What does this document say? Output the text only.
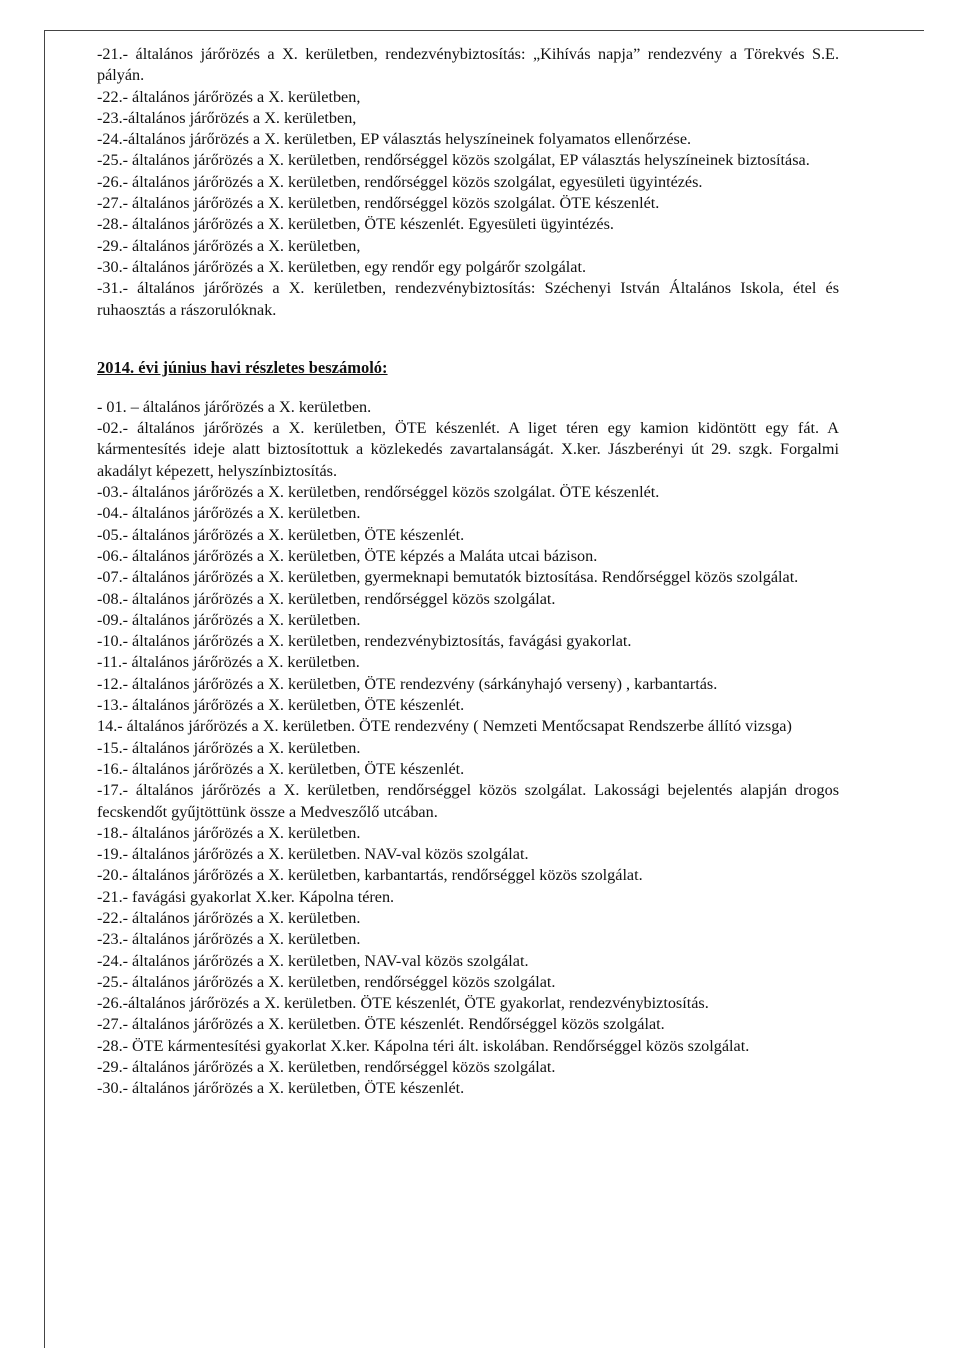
-21.- általános járőrözés a X. kerületben, rendezvénybiztosítás: „Kihívás napja” rendezvény a Törekvés S.E. pályán.

-22.- általános járőrözés a X. kerületben,

-23.-általános járőrözés a X. kerületben,

-24.-általános járőrözés a X. kerületben, EP választás helyszíneinek folyamatos ellenőrzése.

-25.- általános járőrözés a X. kerületben, rendőrséggel közös szolgálat, EP választás helyszíneinek biztosítása.

-26.- általános járőrözés a X. kerületben, rendőrséggel közös szolgálat, egyesületi ügyintézés.

-27.- általános járőrözés a X. kerületben, rendőrséggel közös szolgálat. ÖTE készenlét.

-28.- általános járőrözés a X. kerületben, ÖTE készenlét. Egyesületi ügyintézés.

-29.- általános járőrözés a X. kerületben,

-30.- általános járőrözés a X. kerületben, egy rendőr egy polgárőr szolgálat.

-31.- általános járőrözés a X. kerületben, rendezvénybiztosítás: Széchenyi István Általános Iskola, étel és ruhaosztás a rászorulóknak.

2014. évi június havi részletes beszámoló:

- 01. – általános járőrözés a X. kerületben.

-02.- általános járőrözés a X. kerületben, ÖTE készenlét. A liget téren egy kamion kidöntött egy fát. A kármentesítés ideje alatt biztosítottuk a közlekedés zavartalanságát. X.ker. Jászberényi út 29. szgk. Forgalmi akadályt képezett, helyszínbiztosítás.

-03.- általános járőrözés a X. kerületben, rendőrséggel közös szolgálat. ÖTE készenlét.

-04.- általános járőrözés a X. kerületben.

-05.- általános járőrözés a X. kerületben, ÖTE készenlét.

-06.- általános járőrözés a X. kerületben, ÖTE képzés a Maláta utcai bázison.

-07.- általános járőrözés a X. kerületben, gyermeknapi bemutatók biztosítása. Rendőrséggel közös szolgálat.

-08.- általános járőrözés a X. kerületben, rendőrséggel közös szolgálat.

-09.- általános járőrözés a X. kerületben.

-10.- általános járőrözés a X. kerületben, rendezvénybiztosítás, favágási gyakorlat.

-11.- általános járőrözés a X. kerületben.

-12.- általános járőrözés a X. kerületben, ÖTE rendezvény (sárkányhajó verseny) , karbantartás.

-13.- általános járőrözés a X. kerületben, ÖTE készenlét.

14.- általános járőrözés a X. kerületben. ÖTE rendezvény ( Nemzeti Mentőcsapat Rendszerbe állító vizsga)

-15.- általános járőrözés a X. kerületben.

-16.- általános járőrözés a X. kerületben, ÖTE készenlét.

-17.- általános járőrözés a X. kerületben, rendőrséggel közös szolgálat. Lakossági bejelentés alapján drogos fecskendőt gyűjtöttünk össze a Medveszőlő utcában.

-18.- általános járőrözés a X. kerületben.

-19.- általános járőrözés a X. kerületben. NAV-val közös szolgálat.

-20.- általános járőrözés a X. kerületben, karbantartás, rendőrséggel közös szolgálat.

-21.- favágási gyakorlat X.ker. Kápolna téren.

-22.- általános járőrözés a X. kerületben.

-23.- általános járőrözés a X. kerületben.

-24.- általános járőrözés a X. kerületben, NAV-val közös szolgálat.

-25.- általános járőrözés a X. kerületben, rendőrséggel közös szolgálat.

-26.-általános járőrözés a X. kerületben. ÖTE készenlét, ÖTE gyakorlat, rendezvénybiztosítás.

-27.- általános járőrözés a X. kerületben. ÖTE készenlét. Rendőrséggel közös szolgálat.

-28.- ÖTE kármentesítési gyakorlat X.ker. Kápolna téri ált. iskolában. Rendőrséggel közös szolgálat.

-29.- általános járőrözés a X. kerületben, rendőrséggel közös szolgálat.

-30.- általános járőrözés a X. kerületben, ÖTE készenlét.
